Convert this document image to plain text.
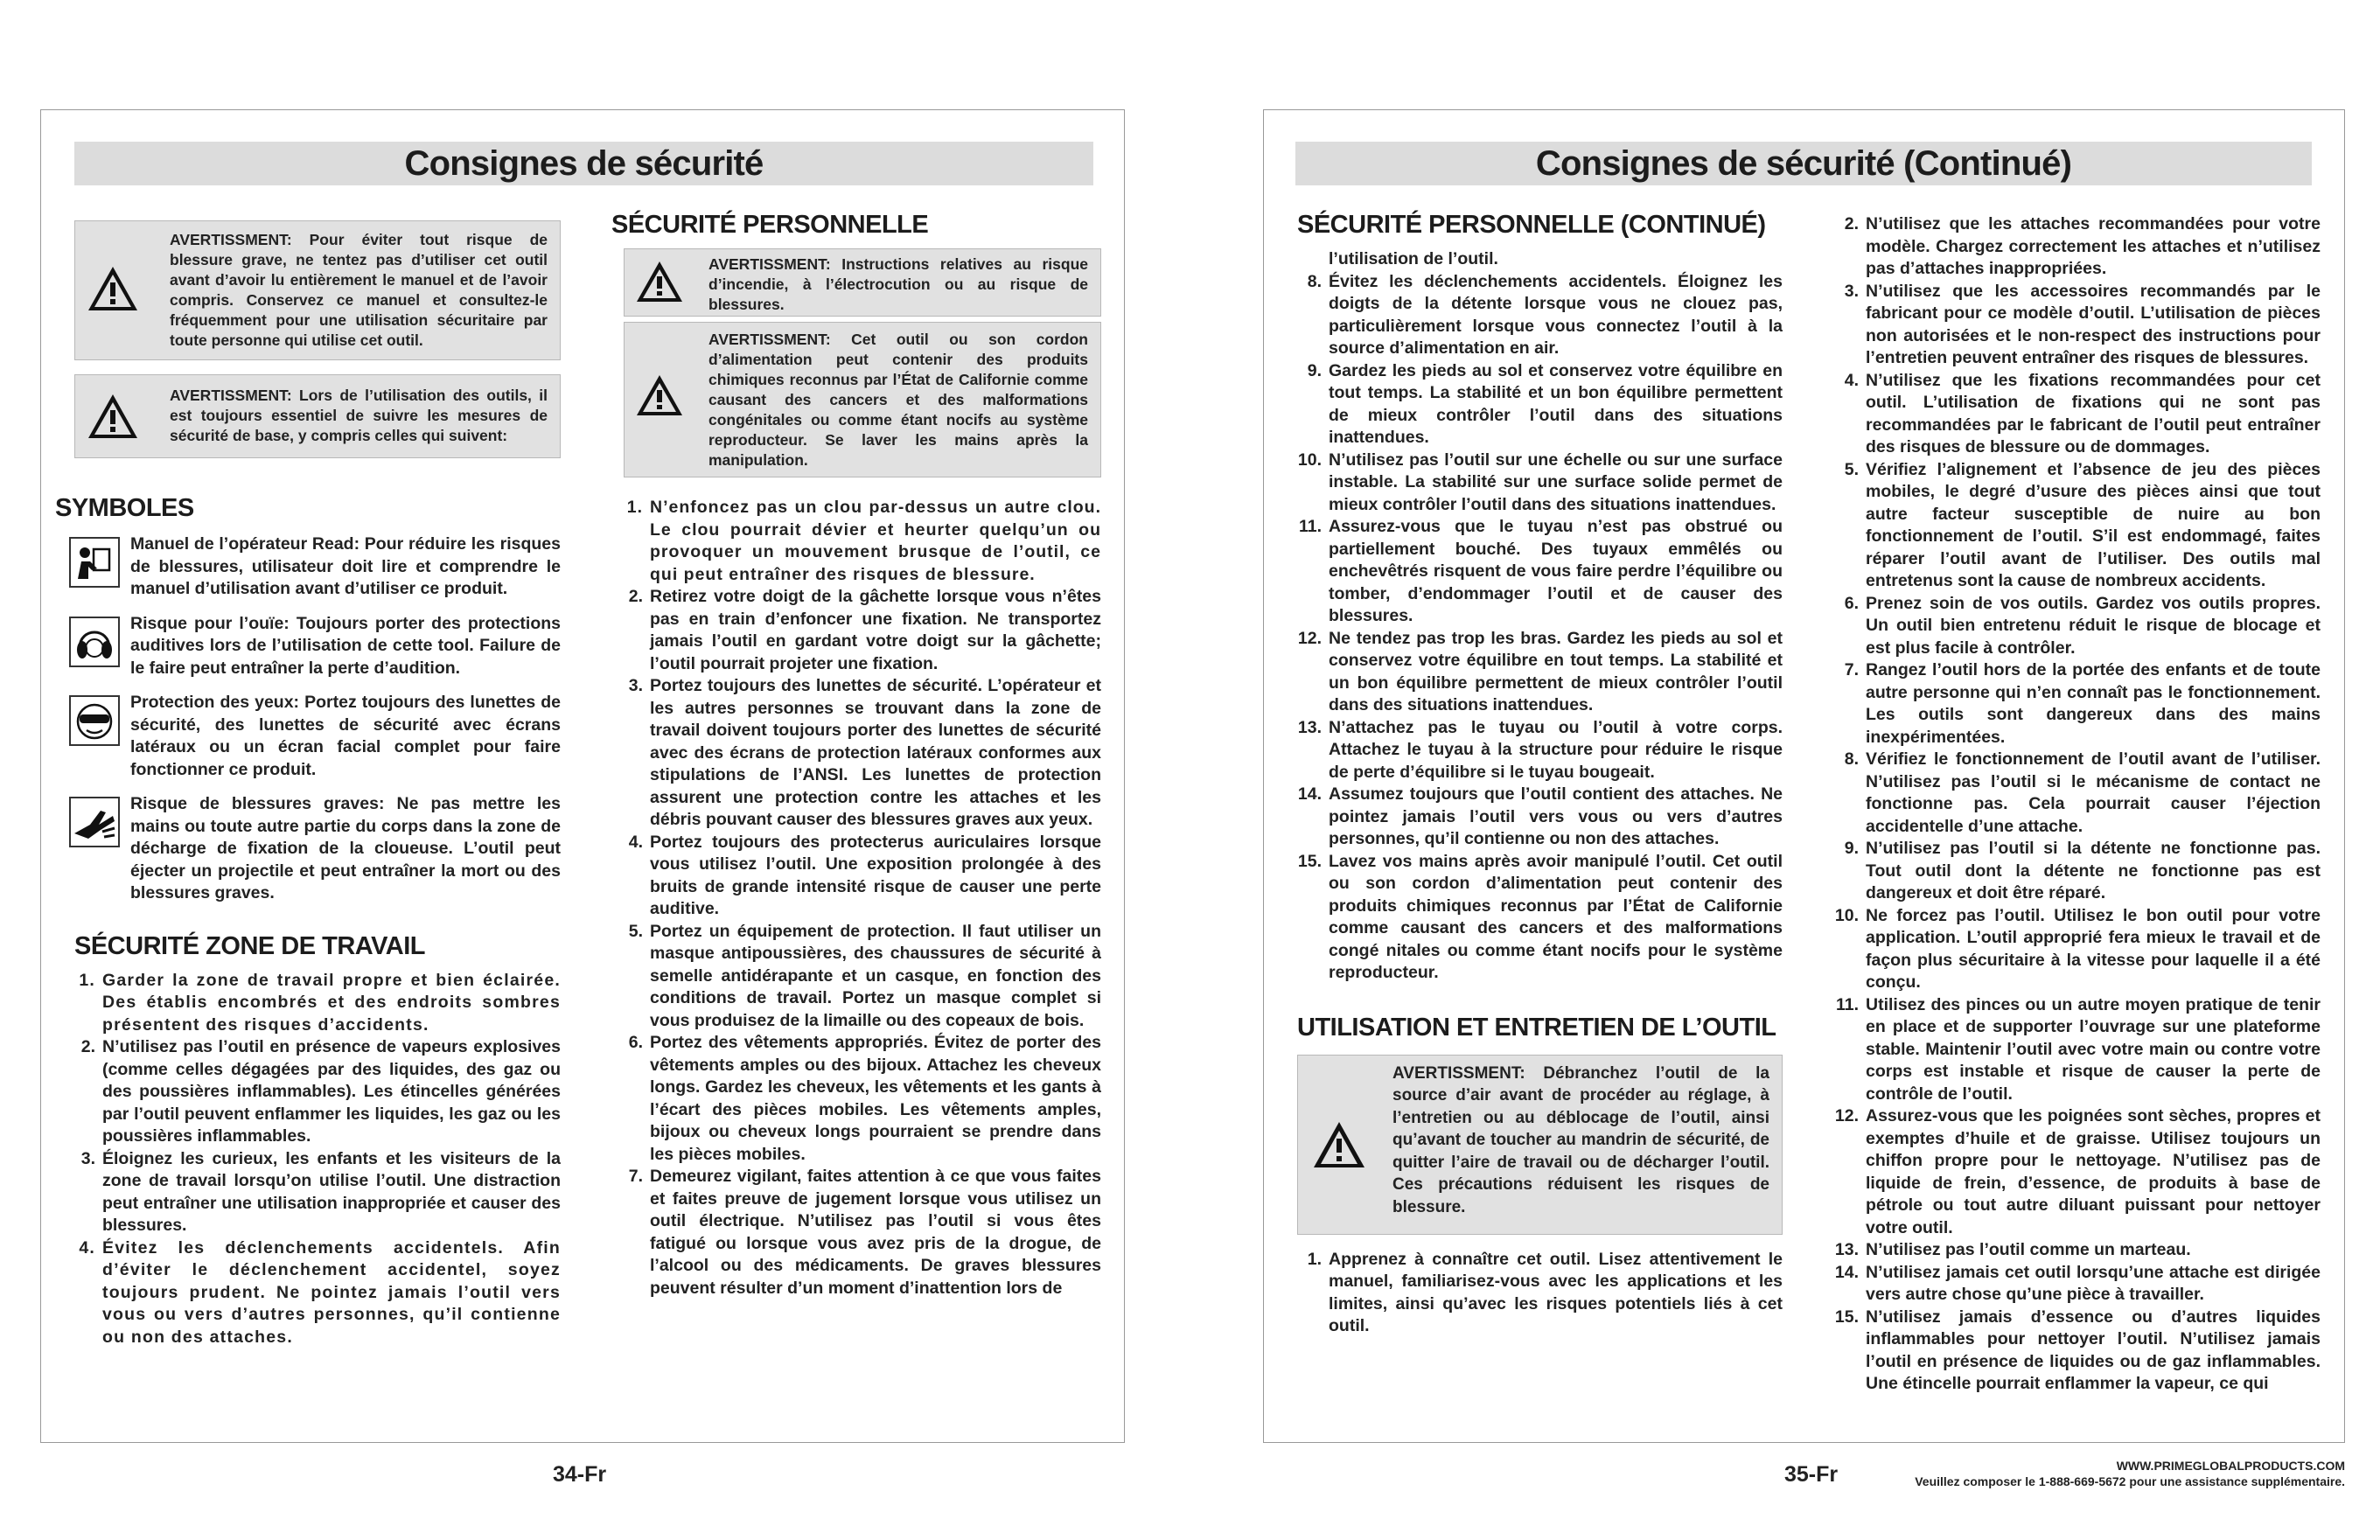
Consignes de sécurité
AVERTISSMENT: Pour éviter tout risque de blessure grave, ne tentez pas d’utiliser cet outil avant d’avoir lu entièrement le manuel et de l’avoir compris. Conservez ce manuel et consultez-le fréquemment pour une utilisation sécuritaire par toute personne qui utilise cet outil.
AVERTISSMENT: Lors de l’utilisation des outils, il est toujours essentiel de suivre les mesures de sécurité de base, y compris celles qui suivent:
SYMBOLES

Manuel de l’opérateur Read: Pour réduire les risques de blessures, utilisateur doit lire et comprendre le manuel d’utilisation avant d’utiliser ce produit.

Risque pour l’ouïe: Toujours porter des protections auditives lors de l’utilisation de cette tool. Failure de le faire peut entraîner la perte d’audition.

Protection des yeux: Portez toujours des lunettes de sécurité, des lunettes de sécurité avec écrans latéraux ou un écran facial complet pour faire fonctionner ce produit.

Risque de blessures graves: Ne pas mettre les mains ou toute autre partie du corps dans la zone de décharge de fixation de la cloueuse. L’outil peut éjecter un projectile et peut entraîner la mort ou des blessures graves.

SÉCURITÉ ZONE DE TRAVAIL
1. Garder la zone de travail propre et bien éclairée. Des établis encombrés et des endroits sombres présentent des risques d’accidents.
2. N’utilisez pas l’outil en présence de vapeurs explosives (comme celles dégagées par des liquides, des gaz ou des poussières inflammables). Les étincelles générées par l’outil peuvent enflammer les liquides, les gaz ou les poussières inflammables.
3. Éloignez les curieux, les enfants et les visiteurs de la zone de travail lorsqu’on utilise l’outil. Une distraction peut entraîner une utilisation inappropriée et causer des blessures.
4. Évitez les déclenchements accidentels. Afin d’éviter le déclenchement accidentel, soyez toujours prudent. Ne pointez jamais l’outil vers vous ou vers d’autres personnes, qu’il contienne ou non des attaches.
SÉCURITÉ PERSONNELLE
AVERTISSMENT: Instructions relatives au risque d’incendie, à l’électrocution ou au risque de blessures.
AVERTISSMENT: Cet outil ou son cordon d’alimentation peut contenir des produits chimiques reconnus par l’État de Californie comme causant des cancers et des malformations congénitales ou comme étant nocifs au système reproducteur. Se laver les mains après la manipulation.
1. N’enfoncez pas un clou par-dessus un autre clou. Le clou pourrait dévier et heurter quelqu’un ou provoquer un mouvement brusque de l’outil, ce qui peut entraîner des risques de blessure.
2. Retirez votre doigt de la gâchette lorsque vous n’êtes pas en train d’enfoncer une fixation. Ne transportez jamais l’outil en gardant votre doigt sur la gâchette; l’outil pourrait projeter une fixation.
3. Portez toujours des lunettes de sécurité. L’opérateur et les autres personnes se trouvant dans la zone de travail doivent toujours porter des lunettes de sécurité avec des écrans de protection latéraux conformes aux stipulations de l’ANSI. Les lunettes de protection assurent une protection contre les attaches et les débris pouvant causer des blessures graves aux yeux.
4. Portez toujours des protecterus auriculaires lorsque vous utilisez l’outil. Une exposition prolongée à des bruits de grande intensité risque de causer une perte auditive.
5. Portez un équipement de protection. Il faut utiliser un masque antipoussières, des chaussures de sécurité à semelle antidérapante et un casque, en fonction des conditions de travail. Portez un masque complet si vous produisez de la limaille ou des copeaux de bois.
6. Portez des vêtements appropriés. Évitez de porter des vêtements amples ou des bijoux. Attachez les cheveux longs. Gardez les cheveux, les vêtements et les gants à l’écart des pièces mobiles. Les vêtements amples, bijoux ou cheveux longs pourraient se prendre dans les pièces mobiles.
7. Demeurez vigilant, faites attention à ce que vous faites et faites preuve de jugement lorsque vous utilisez un outil électrique. N’utilisez pas l’outil si vous êtes fatigué ou lorsque vous avez pris de la drogue, de l’alcool ou des médicaments. De graves blessures peuvent résulter d’un moment d’inattention lors de
34-Fr
Consignes de sécurité (Continué)
SÉCURITÉ PERSONNELLE (CONTINUÉ)

l’utilisation de l’outil.

8. Évitez les déclenchements accidentels. Éloignez les doigts de la détente lorsque vous ne clouez pas, particulièrement lorsque vous connectez l’outil à la source d’alimentation en air.
9. Gardez les pieds au sol et conservez votre équilibre en tout temps. La stabilité et un bon équilibre permettent de mieux contrôler l’outil dans des situations inattendues.
10. N’utilisez pas l’outil sur une échelle ou sur une surface instable. La stabilité sur une surface solide permet de mieux contrôler l’outil dans des situations inattendues.
11. Assurez-vous que le tuyau n’est pas obstrué ou partiellement bouché. Des tuyaux emmêlés ou enchevêtrés risquent de vous faire perdre l’équilibre ou tomber, d’endommager l’outil et de causer des blessures.
12. Ne tendez pas trop les bras. Gardez les pieds au sol et conservez votre équilibre en tout temps. La stabilité et un bon équilibre permettent de mieux contrôler l’outil dans des situations inattendues.
13. N’attachez pas le tuyau ou l’outil à votre corps. Attachez le tuyau à la structure pour réduire le risque de perte d’équilibre si le tuyau bougeait.
14. Assumez toujours que l’outil contient des attaches. Ne pointez jamais l’outil vers vous ou vers d’autres personnes, qu’il contienne ou non des attaches.
15. Lavez vos mains après avoir manipulé l’outil. Cet outil ou son cordon d’alimentation peut contenir des produits chimiques reconnus par l’État de Californie comme causant des cancers et des malformations congé nitales ou comme étant nocifs pour le système reproducteur.
UTILISATION ET ENTRETIEN DE L’OUTIL
AVERTISSMENT: Débranchez l’outil de la source d’air avant de procéder au réglage, à l’entretien ou au déblocage de l’outil, ainsi qu’avant de toucher au mandrin de sécurité, de quitter l’aire de travail ou de décharger l’outil. Ces précautions réduisent les risques de blessure.
1. Apprenez à connaître cet outil. Lisez attentivement le manuel, familiarisez-vous avec les applications et les limites, ainsi qu’avec les risques potentiels liés à cet outil.
2. N’utilisez que les attaches recommandées pour votre modèle. Chargez correctement les attaches et n’utilisez pas d’attaches inappropriées.
3. N’utilisez que les accessoires recommandés par le fabricant pour ce modèle d’outil. L’utilisation de pièces non autorisées et le non-respect des instructions pour l’entretien peuvent entraîner des risques de blessures.
4. N’utilisez que les fixations recommandées pour cet outil. L’utilisation de fixations qui ne sont pas recommandées par le fabricant de l’outil peut entraîner des risques de blessure ou de dommages.
5. Vérifiez l’alignement et l’absence de jeu des pièces mobiles, le degré d’usure des pièces ainsi que tout autre facteur susceptible de nuire au bon fonctionnement de l’outil. S’il est endommagé, faites réparer l’outil avant de l’utiliser. Des outils mal entretenus sont la cause de nombreux accidents.
6. Prenez soin de vos outils. Gardez vos outils propres. Un outil bien entretenu réduit le risque de blocage et est plus facile à contrôler.
7. Rangez l’outil hors de la portée des enfants et de toute autre personne qui n’en connaît pas le fonctionnement. Les outils sont dangereux dans des mains inexpérimentées.
8. Vérifiez le fonctionnement de l’outil avant de l’utiliser. N’utilisez pas l’outil si le mécanisme de contact ne fonctionne pas. Cela pourrait causer l’éjection accidentelle d’une attache.
9. N’utilisez pas l’outil si la détente ne fonctionne pas. Tout outil dont la détente ne fonctionne pas est dangereux et doit être réparé.
10. Ne forcez pas l’outil. Utilisez le bon outil pour votre application. L’outil approprié fera mieux le travail et de façon plus sécuritaire à la vitesse pour laquelle il a été conçu.
11. Utilisez des pinces ou un autre moyen pratique de tenir en place et de supporter l’ouvrage sur une plateforme stable. Maintenir l’outil avec votre main ou contre votre corps est instable et risque de causer la perte de contrôle de l’outil.
12. Assurez-vous que les poignées sont sèches, propres et exemptes d’huile et de graisse. Utilisez toujours un chiffon propre pour le nettoyage. N’utilisez pas de liquide de frein, d’essence, de produits à base de pétrole ou tout autre diluant puissant pour nettoyer votre outil.
13. N’utilisez pas l’outil comme un marteau.
14. N’utilisez jamais cet outil lorsqu’une attache est dirigée vers autre chose qu’une pièce à travailler.
15. N’utilisez jamais d’essence ou d’autres liquides inflammables pour nettoyer l’outil. N’utilisez jamais l’outil en présence de liquides ou de gaz inflammables. Une étincelle pourrait enflammer la vapeur, ce qui
35-Fr	WWW.PRIMEGLOBALPRODUCTS.COM
Veuillez composer le 1-888-669-5672 pour une assistance supplémentaire.
